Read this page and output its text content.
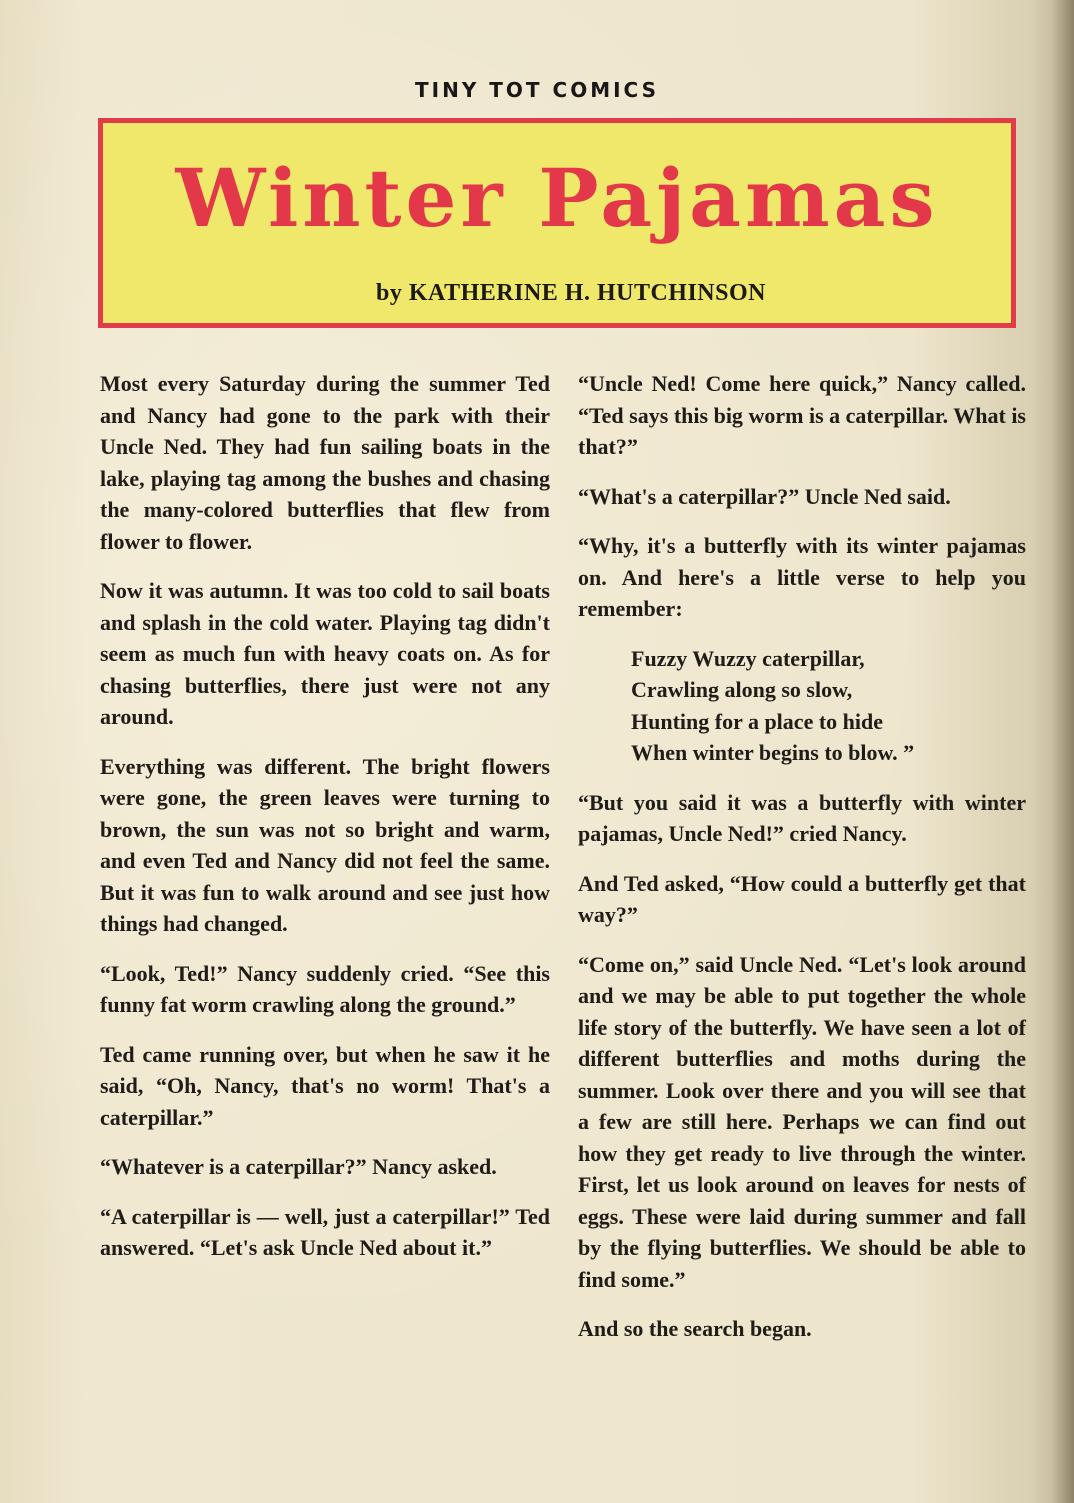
TINY TOT COMICS
Winter Pajamas
by KATHERINE H. HUTCHINSON

Most every Saturday during the summer Ted and Nancy had gone to the park with their Uncle Ned. They had fun sailing boats in the lake, playing tag among the bushes and chasing the many-colored butterflies that flew from flower to flower.

Now it was autumn. It was too cold to sail boats and splash in the cold water. Playing tag didn't seem as much fun with heavy coats on. As for chasing butterflies, there just were not any around.

Everything was different. The bright flowers were gone, the green leaves were turning to brown, the sun was not so bright and warm, and even Ted and Nancy did not feel the same. But it was fun to walk around and see just how things had changed.

“Look, Ted!” Nancy suddenly cried. “See this funny fat worm crawling along the ground.”

Ted came running over, but when he saw it he said, “Oh, Nancy, that's no worm! That's a caterpillar.”

“Whatever is a caterpillar?” Nancy asked.

“A caterpillar is — well, just a caterpillar!” Ted answered. “Let's ask Uncle Ned about it.”

“Uncle Ned! Come here quick,” Nancy called. “Ted says this big worm is a caterpillar. What is that?”

“What's a caterpillar?” Uncle Ned said.

“Why, it's a butterfly with its winter pajamas on. And here's a little verse to help you remember:

Fuzzy Wuzzy caterpillar,
Crawling along so slow,
Hunting for a place to hide
When winter begins to blow. ”

“But you said it was a butterfly with winter pajamas, Uncle Ned!” cried Nancy.

And Ted asked, “How could a butterfly get that way?”

“Come on,” said Uncle Ned. “Let's look around and we may be able to put together the whole life story of the butterfly. We have seen a lot of different butterflies and moths during the summer. Look over there and you will see that a few are still here. Perhaps we can find out how they get ready to live through the winter. First, let us look around on leaves for nests of eggs. These were laid during summer and fall by the flying butterflies. We should be able to find some.”

And so the search began.
